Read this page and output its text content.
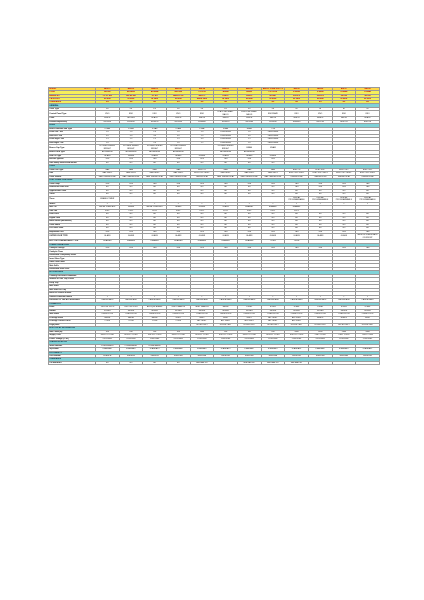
MODEL	BEKO1	BEKO2	BEKO3	BEKO4	ARF54	BEKO5	BEKO6	BEKO7 ZONE DIST C3	ARF55	ARF56	ARF57	ARF58
CODE	BU1N9	BU1N9W	BU1N9B	BU1N9S	XTC27B	BDIN4	BDIN5	FX ICE-W	ICS83W	ICS83B	ICS84W	ICS84B
BRAND NO	C3 GC 4W	BG 4G 4W	GC 4G	BBIS 2C3 4	8800TC	D2NCF	D2NCF	BCN4C	2XPN75	2XPN75	3RCNX	3RCNX
CATEGORY	IN SIDE	IN SIDE	IN SIDE	IN SIDE	4X8IN SIDE	IN SIDE	IN SIDE	IN SIDE	IN SIDE	IN SIDE	IN SIDE	IN SIDE
STANDARDS	SG	SG	SG	SG	SG	SG	SG	SG	SG	SG	SG	SG
GENERAL												
Oven Type	FS	FS	FS	FS	FS	FS	FS	FS	BI	BI	BI	BI
Control Panel Type	KNO	KNO	KNO	KNO	KNO	FLAT-LINE SHAFT BALLS	FLAT-LINE SHAFT BALLS	KNO/SWAY	KNO	KNO	KNO	KNO
Color	WHITE	BROWN	BLACK	WHITE	WHITE	WHITE	WHITE	WHITE	WHITE	BLACK	WHITE	BLACK
Dimension(HxWxD)	85/50/50	85/50/50	85/50/50	85/50/50	85/60/60	85/50/50	85/50/60	85/50/50	85/60/60	BUILTIN	BUILTIN	BUILTIN
HOBS												
Burner Number and Type	4 GAS	4 GAS	4 GAS	4 GAS	2 GAF	4GAS	4GAS	7 GS				
Front Left - kW	1.0	1.0	1.0	1.0	1.0	1300/1800W	1.0	1300/1800W				
Rear Left - kW	3.0	3.0	3.0	3.0	1.0	1300/1800W	3.0	1300/1800W				
Front Right - kW	1.5	1.5	1.5	1.5	3.0	1300/1800W	1.5	1300/1800W				
Rear Right - kW	2.0	2.0	2.0	2.0	1.5	1300/1800W	2.0	1300/1800W				
Burner Cap Type	FLOWER SINKED BRIGHT	FLOWER SINKED BRIGHT	FLOWER SINKED BRIGHT	FLOWER SINKED BRIGHT		FLOWER SINKED BRIGHT	ENAM	ENAM				
Burner Grid Type	ALUMINIUM	ALUMINIUM	ALUMINIUM	ALUMINIUM		ALUMINIUM	ALUMINIUM					
Hob Lid Type	GLASS	GLASS	GLASS	GLASS	GLASS	GLASS	GLASS	GLASS				
Electric Ignition	YES	YES	YES	YES	YES	YES	YES	YES				
Gas Safety Device-Hob Burner	NO	NO	NO	NO	NO	NO	NO	NO				
OVEN												
Oven Fuel Type	GAS	GAS	GAS	GAS	ELECTR	GAS	GAS	GAS	ELECTR	ELECTRIC	ELECTRIC	ELECTRIC
Grill	GAS GRILL	GAS GRILL	GAS GRILL	GAS GRILL	ELECTRIC GRILL	GAS GRILL	GAS GRILL	GAS GRILL	ELECTRIC GRILL	ELECTRIC GRILL	ELECTRIC GRILL	ELECTRIC GRILL
Oven Volume	GAS THERMOSTAT	GAS THERMOSTAT	GAS THERMOSTAT	GAS THERMOSTAT	THERMOSTAT	GAS THERMOSTAT	GAS THERMOSTAT	GAS THERMOSTAT	THERMOSTAT	THERMOSTAT	THERMOSTAT	THERMOSTAT
FUNCTIONAL FEATURES												
Oven Lamp	YES	YES	YES	YES	YES	YES	YES	YES	YES	YES	YES	YES
Rotisserie/Turbo Grill	NO	NO	NO	NO	NO	NO	NO	NO	YES	YES	YES	YES
Upper/Lower Oven	NO	NO	NO	NO	NO	NO	NO	NO	NO	NO	NO	NO
Turbo	NO	NO	NO	NO	NO	NO	NO	NO	NO	NO	NO	NO
Timer	ENABLE TIMER								DIGITAL PROGRAMMABLE	DIGITAL PROGRAMMABLE	DIGITAL PROGRAMMABLE	DIGITAL PROGRAMMABLE
SHELF	2	2	2	2	2	2	2	2	2	2	2	2
Wire Tel	METAL PLAIN BLK	GLASS	METAL PLAIN BLK	GLASS	GLASS	GLASS	ENAMEL	ENAMEL	ENAMEL			
Grill Pan	FULL	FULL	FULL	FULL	FULL	FULL	FULL	FULL	FULL			
Door Lock	NO	NO	NO	NO	NO	NO	NO	NO	NO	NO	NO	NO
Digital Lock	NO	NO	NO	NO	NO	NO	NO	NO	NO	NO	NO	NO
Bake Switch (Automatic)	NO	NO	NO	NO	NO	NO	NO	NO	NO	NO	NO	NO
Oven Stand	NO	NO	NO	NO	NO	NO	NO	NO	NO	NO	NO	NO
Full Glass Door	NO	NO	NO	NO	NO	NO	NO	NO	NO	NO	NO	NO
Adjustable Feet	YES	YES	YES	YES	YES	YES	YES	YES	YES	YES	YES	YES
OUTER DOOR TYPE	GLASS	GLASS	GLASS	GLASS	GLASS	GLASS	GLASS	GLASS	GLASS	GLASS	GLASS	MIRROR GLASS BACK ON FRONT
BOTTOM COMPARTMENT TYPE	DRAWER	DRAWER	DRAWER	DRAWER	DRAWER	DRAWER	DRAWER	OPEN	OPEN			
CLEAN OPERATIONS												
Catalytic Linings	YES	YES	YES	YES	YES	YES	YES	YES	YES	YES	YES	YES
Catalytic Clean												
Removable Completely Doors												
Inner Glass Type												
Glass Oven Inner												
Side Grills												
Removable Side Grills												
ACCESSORIES												
Cooking Flat Burner Standard												
Number of Grill Tray Pieces												
Deep Tray												
Wire Shelf												
Wire Shelf for Tray												
Base for Grease Surface												
Grease Protection Shield	1	1	1	1	1	1	1	1	1	1	1	1
PACKING OF THE ACCESSORIES	CARDBOARD	CARDBOARD	CARDBOARD	CARDBOARD	CARDBOARD	CARDBOARD	CARDBOARD	CARDBOARD	CARDBOARD	CARDBOARD	CARDBOARD	CARDBOARD
COSMETICS												
Knob	YELLOW GOLD	YELLOW GOLD	ANTIQUE BRASS	GREY SAMPLE	GREY SAMPLE	BEIGE	STEEL	STEEL	STEEL	STEEL	STEEL	STEEL
Handle	SILVER	SILVER	SILVER	SILVER	SILVER	SILVER	SILVER	SILVER	SILVER	SILVER	SILVER	SILVER
Side Glass	OVEN DOOR	OVEN DOOR	OVEN DOOR	OVEN DOOR	OVEN DOOR	OVEN DOOR	OVEN DOOR	OVEN DOOR	OVEN DOOR	OVEN DOOR	OVEN DOOR	OVEN DOOR
Printings Knob	BEIGE	BEIGE	BEIGE	GREY	GREY	GREY	GREY	ALL GREY	ALL GREY	BLACK	BLACK	GREY
Printings Control Panel	CODE	CODE	CODE	CODE	ALL GREY	ALL GREY	ALL GREY	ALL GREY	ALL GREY			
Logo place					UPPER LEFT	UPPER LEFT	UPPER LEFT	UPPER LEFT	UPPER LEFT	UPPER LEFT	UPPER LEFT	UPPER LEFT
ELECTRICAL INFORMATION												
Max Power(W)	100	100	100	100	2000	100	100	100	2000	2000	2000	2000
Supply Cord	SUPPLY CORD	SUPPLY CORD	SUPPLY CORD	SUPPLY CORD	SUPPLY CORD	SUPPLY CORD	SUPPLY CORD	SUPPLY CORD	SUPPLY CORD	ONLY CORD	ONLY CORD	ONLY CORD
Power Voltage (V- Hz)	220V/50HZ	220V/50HZ	220V/50HZ	220V/50HZ	220V/50HZ	220V/50HZ	220V/50HZ	220V/50HZ	220V/50HZ	220V/50HZ	220V/50HZ	220V/50HZ
TRANSPORTATION												
Stock Number	CONSIGMENT	CONSIGMENT	CONSIGMENT									
Styrofoam	STANDART	STANDART	STANDART	STANDART	STANDART	STANDART	STANDART	STANDART	STANDART	STANDART	STANDART	STANDART
DOCUMENTS												
User Manual	FRENCH	FRENCH	FRENCH	ENGLISH	ENGLISH	ENGLISH	ENGLISH	ENGLISH	ENGLISH	ENGLISH	ENGLISH	ENGLISH
STANDARDS												
CE MARKING	NO	NO	NO	NO	SEE BAR INT		SEE BAR INT	SEE BAR INT	SEE BAR INT			
